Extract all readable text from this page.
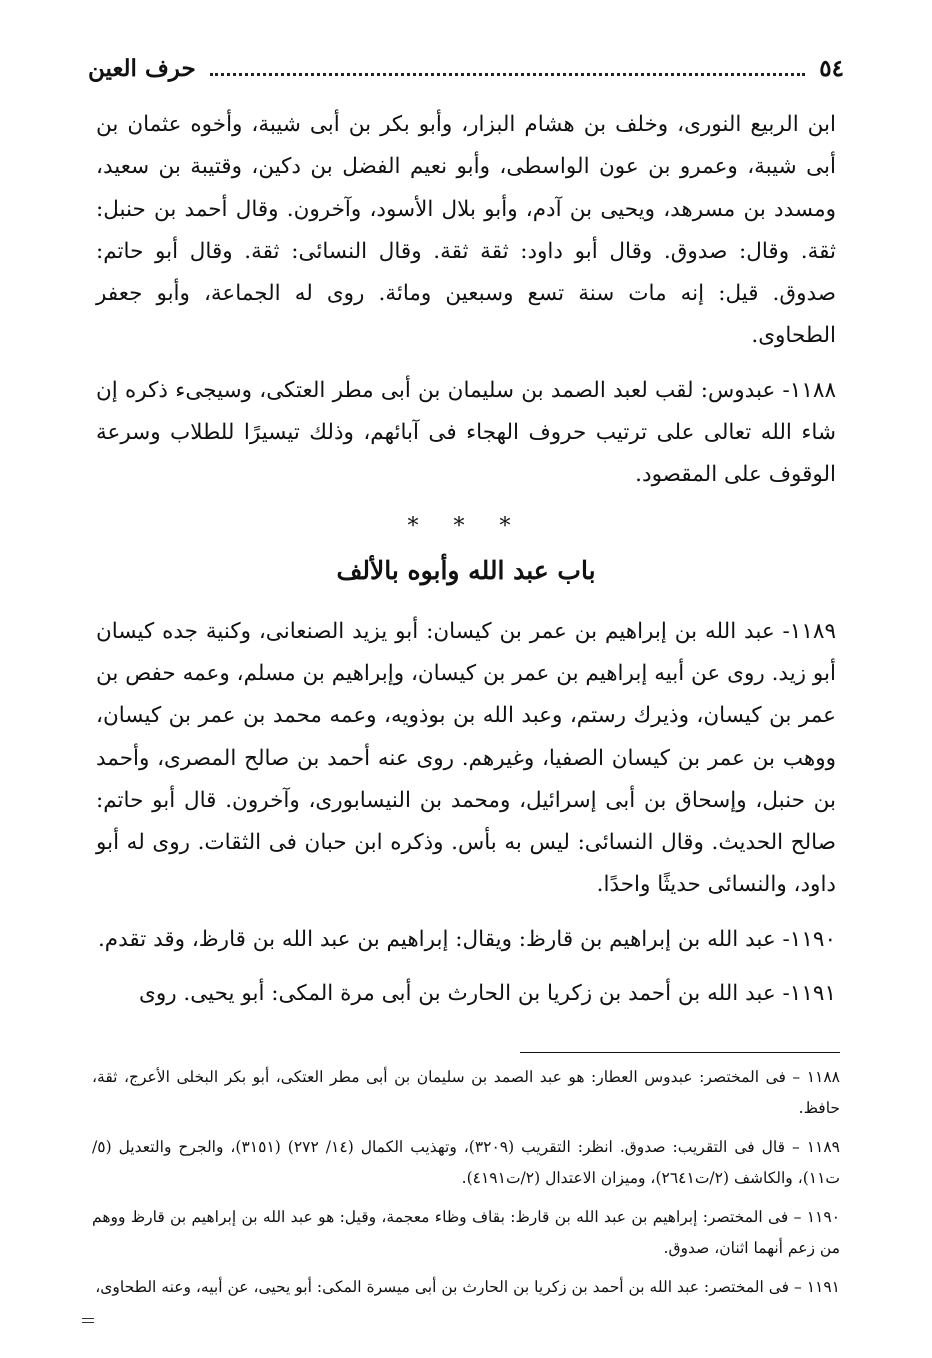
٥٤
حرف العين

ابن الربيع النورى، وخلف بن هشام البزار، وأبو بكر بن أبى شيبة، وأخوه عثمان بن أبى شيبة، وعمرو بن عون الواسطى، وأبو نعيم الفضل بن دكين، وقتيبة بن سعيد، ومسدد بن مسرهد، ويحيى بن آدم، وأبو بلال الأسود، وآخرون. وقال أحمد بن حنبل: ثقة. وقال: صدوق. وقال أبو داود: ثقة ثقة. وقال النسائى: ثقة. وقال أبو حاتم: صدوق. قيل: إنه مات سنة تسع وسبعين ومائة. روى له الجماعة، وأبو جعفر الطحاوى.

١١٨٨- عبدوس: لقب لعبد الصمد بن سليمان بن أبى مطر العتكى، وسيجىء ذكره إن شاء الله تعالى على ترتيب حروف الهجاء فى آبائهم، وذلك تيسيرًا للطلاب وسرعة الوقوف على المقصود.

* * *
باب عبد الله وأبوه بالألف

١١٨٩- عبد الله بن إبراهيم بن عمر بن كيسان: أبو يزيد الصنعانى، وكنية جده كيسان أبو زيد. روى عن أبيه إبراهيم بن عمر بن كيسان، وإبراهيم بن مسلم، وعمه حفص بن عمر بن كيسان، وذيرك رستم، وعبد الله بن بوذويه، وعمه محمد بن عمر بن كيسان، ووهب بن عمر بن كيسان الصفيا، وغيرهم. روى عنه أحمد بن صالح المصرى، وأحمد بن حنبل، وإسحاق بن أبى إسرائيل، ومحمد بن النيسابورى، وآخرون. قال أبو حاتم: صالح الحديث. وقال النسائى: ليس به بأس. وذكره ابن حبان فى الثقات. روى له أبو داود، والنسائى حديثًا واحدًا.

١١٩٠- عبد الله بن إبراهيم بن قارظ: ويقال: إبراهيم بن عبد الله بن قارظ، وقد تقدم.

١١٩١- عبد الله بن أحمد بن زكريا بن الحارث بن أبى مرة المكى: أبو يحيى. روى

١١٨٨ – فى المختصر: عبدوس العطار: هو عبد الصمد بن سليمان بن أبى مطر العتكى، أبو بكر البخلى الأعرج، ثقة، حافظ.

١١٨٩ – قال فى التقريب: صدوق. انظر: التقريب (٣٢٠٩)، وتهذيب الكمال (١٤/ ٢٧٢) (٣١٥١)، والجرح والتعديل (٥/ت١١)، والكاشف (٢/ت٢٦٤١)، وميزان الاعتدال (٢/ت٤١٩١).

١١٩٠ – فى المختصر: إبراهيم بن عبد الله بن قارظ: بقاف وظاء معجمة، وقيل: هو عبد الله بن إبراهيم بن قارظ ووهم من زعم أنهما اثنان، صدوق.

١١٩١ – فى المختصر: عبد الله بن أحمد بن زكريا بن الحارث بن أبى ميسرة المكى: أبو يحيى، عن أبيه، وعنه الطحاوى،
